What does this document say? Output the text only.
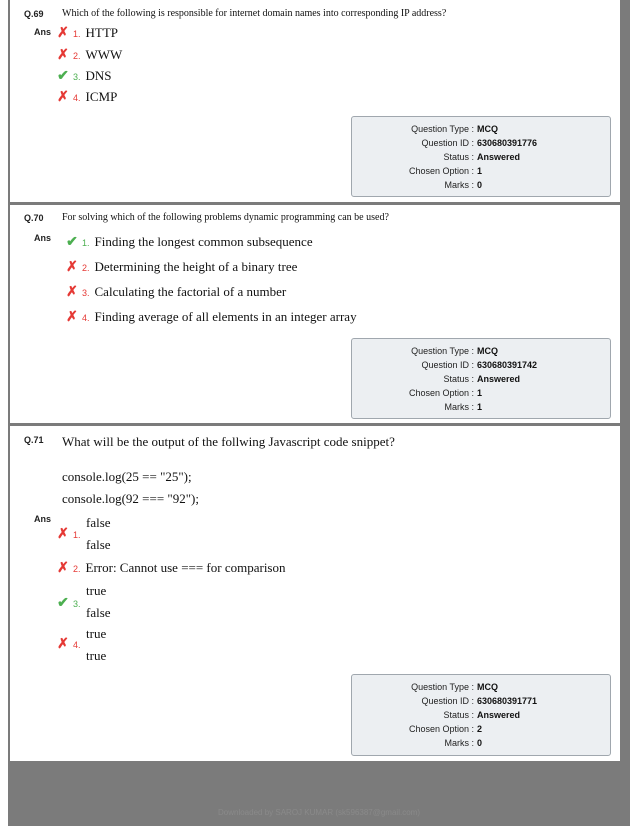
Q.69 Which of the following is responsible for internet domain names into corresponding IP address?
Ans ✗ 1. HTTP
✗ 2. WWW
✔ 3. DNS
✗ 4. ICMP
Question Type : MCQ
Question ID : 630680391776
Status : Answered
Chosen Option : 1
Marks : 0
Q.70 For solving which of the following problems dynamic programming can be used?
Ans ✔ 1. Finding the longest common subsequence
✗ 2. Determining the height of a binary tree
✗ 3. Calculating the factorial of a number
✗ 4. Finding average of all elements in an integer array
Question Type : MCQ
Question ID : 630680391742
Status : Answered
Chosen Option : 1
Marks : 1
Q.71 What will be the output of the follwing Javascript code snippet?
console.log(25 == "25");
console.log(92 === "92");
Ans
✗ 1.
false
false
✗ 2. Error: Cannot use === for comparison
✔ 3.
true
false
✗ 4.
true
true
Question Type : MCQ
Question ID : 630680391771
Status : Answered
Chosen Option : 2
Marks : 0
Downloaded by SAROJ KUMAR (sk596387@gmail.com)
